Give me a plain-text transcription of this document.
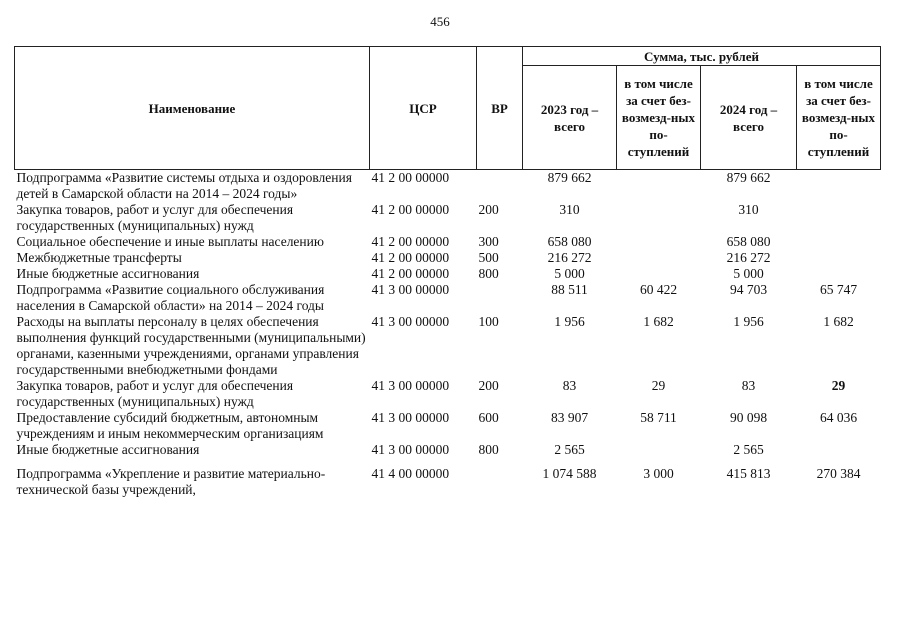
456
Наименование	ЦСР	ВР	Сумма, тыс. рублей			
			2023 год – всего	в том числе за счет без-возмезд-ных по-ступлений	2024 год – всего	в том числе за счет без-возмезд-ных по-ступлений
Подпрограмма «Развитие системы отдыха и оздоровления детей в Самарской области на 2014 – 2024 годы»	41 2 00 00000		879 662		879 662	
Закупка товаров, работ и услуг для обеспечения государственных (муниципальных) нужд	41 2 00 00000	200	310		310	
Социальное обеспечение и иные выплаты населению	41 2 00 00000	300	658 080		658 080	
Межбюджетные трансферты	41 2 00 00000	500	216 272		216 272	
Иные бюджетные ассигнования	41 2 00 00000	800	5 000		5 000	
Подпрограмма «Развитие социального обслуживания населения в Самарской области» на 2014 – 2024 годы	41 3 00 00000		88 511	60 422	94 703	65 747
Расходы на выплаты персоналу в целях обеспечения выполнения функций государственными (муниципальными) органами, казенными учреждениями, органами управления государственными внебюджетными фондами	41 3 00 00000	100	1 956	1 682	1 956	1 682
Закупка товаров, работ и услуг для обеспечения государственных (муниципальных) нужд	41 3 00 00000	200	83	29	83	29
Предоставление субсидий бюджетным, автономным учреждениям и иным некоммерческим организациям	41 3 00 00000	600	83 907	58 711	90 098	64 036
Иные бюджетные ассигнования	41 3 00 00000	800	2 565		2 565	
Подпрограмма «Укрепление и развитие материально-технической базы учреждений,	41 4 00 00000		1 074 588	3 000	415 813	270 384
